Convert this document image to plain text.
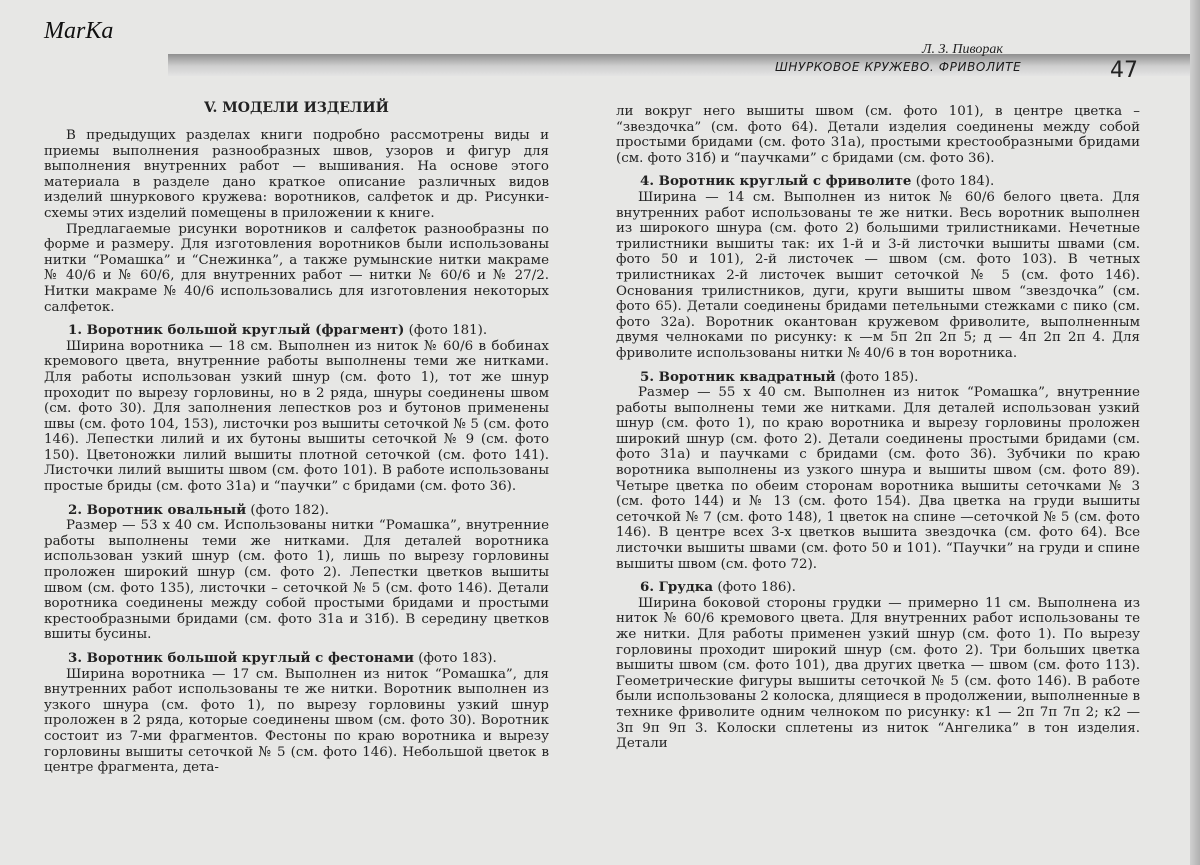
MarKa
Л. З. Пиворак
ШНУРКОВОЕ КРУЖЕВО. ФРИВОЛИТЕ	47
V. МОДЕЛИ ИЗДЕЛИЙ

В предыдущих разделах книги подробно рассмотрены виды и приемы выполнения разнообразных швов, узоров и фигур для выполнения внутренних работ — вышивания. На основе этого материала в разделе дано краткое описание различных видов изделий шнуркового кружева: воротников, салфеток и др. Рисунки-схемы этих изделий помещены в приложении к книге.

Предлагаемые рисунки воротников и салфеток разнообразны по форме и размеру. Для изготовления воротников были использованы нитки “Ромашка” и “Снежинка”, а также румынские нитки макраме № 40/6 и № 60/6, для внутренних работ — нитки № 60/6 и № 27/2. Нитки макраме № 40/6 использовались для изготовления некоторых салфеток.

1. Воротник большой круглый (фрагмент) (фото 181).

Ширина воротника — 18 см. Выполнен из ниток № 60/6 в бобинах кремового цвета, внутренние работы выполнены теми же нитками. Для работы использован узкий шнур (см. фото 1), тот же шнур проходит по вырезу горловины, но в 2 ряда, шнуры соединены швом (см. фото 30). Для заполнения лепестков роз и бутонов применены швы (см. фото 104, 153), листочки роз вышиты сеточкой № 5 (см. фото 146). Лепестки лилий и их бутоны вышиты сеточкой № 9 (см. фото 150). Цветоножки лилий вышиты плотной сеточкой (см. фото 141). Листочки лилий вышиты швом (см. фото 101). В работе использованы простые бриды (см. фото 31а) и “паучки” с бридами (см. фото 36).

2. Воротник овальный (фото 182).

Размер — 53 х 40 см. Использованы нитки “Ромашка”, внутренние работы выполнены теми же нитками. Для деталей воротника использован узкий шнур (см. фото 1), лишь по вырезу горловины проложен широкий шнур (см. фото 2). Лепестки цветков вышиты швом (см. фото 135), листочки – сеточкой № 5 (см. фото 146). Детали воротника соединены между собой простыми бридами и простыми крестообразными бридами (см. фото 31а и 31б). В середину цветков вшиты бусины.

3. Воротник большой круглый с фестонами (фото 183).

Ширина воротника — 17 см. Выполнен из ниток “Ромашка”, для внутренних работ использованы те же нитки. Воротник выполнен из узкого шнура (см. фото 1), по вырезу горловины узкий шнур проложен в 2 ряда, которые соединены швом (см. фото 30). Воротник состоит из 7-ми фрагментов. Фестоны по краю воротника и вырезу горловины вышиты сеточкой № 5 (см. фото 146). Небольшой цветок в центре фрагмента, дета-

ли вокруг него вышиты швом (см. фото 101), в центре цветка – “звездочка” (см. фото 64). Детали изделия соединены между собой простыми бридами (см. фото 31а), простыми крестообразными бридами (см. фото 31б) и “паучками” с бридами (см. фото 36).

4. Воротник круглый с фриволите (фото 184).

Ширина — 14 см. Выполнен из ниток № 60/6 белого цвета. Для внутренних работ использованы те же нитки. Весь воротник выполнен из широкого шнура (см. фото 2) большими трилистниками. Нечетные трилистники вышиты так: их 1-й и 3-й листочки вышиты швами (см. фото 50 и 101), 2-й листочек — швом (см. фото 103). В четных трилистниках 2-й листочек вышит сеточкой № 5 (см. фото 146). Основания трилистников, дуги, круги вышиты швом “звездочка” (см. фото 65). Детали соединены бридами петельными стежками с пико (см. фото 32а). Воротник окантован кружевом фриволите, выполненным двумя челноками по рисунку: к —м 5п 2п 2п 5; д — 4п 2п 2п 4. Для фриволите использованы нитки № 40/6 в тон воротника.

5. Воротник квадратный (фото 185).

Размер — 55 х 40 см. Выполнен из ниток “Ромашка”, внутренние работы выполнены теми же нитками. Для деталей использован узкий шнур (см. фото 1), по краю воротника и вырезу горловины проложен широкий шнур (см. фото 2). Детали соединены простыми бридами (см. фото 31а) и паучками с бридами (см. фото 36). Зубчики по краю воротника выполнены из узкого шнура и вышиты швом (см. фото 89). Четыре цветка по обеим сторонам воротника вышиты сеточками № 3 (см. фото 144) и № 13 (см. фото 154). Два цветка на груди вышиты сеточкой № 7 (см. фото 148), 1 цветок на спине —сеточкой № 5 (см. фото 146). В центре всех 3-х цветков вышита звездочка (см. фото 64). Все листочки вышиты швами (см. фото 50 и 101). “Паучки” на груди и спине вышиты швом (см. фото 72).

6. Грудка (фото 186).

Ширина боковой стороны грудки — примерно 11 см. Выполнена из ниток № 60/6 кремового цвета. Для внутренних работ использованы те же нитки. Для работы применен узкий шнур (см. фото 1). По вырезу горловины проходит широкий шнур (см. фото 2). Три больших цветка вышиты швом (см. фото 101), два других цветка — швом (см. фото 113). Геометрические фигуры вышиты сеточкой № 5 (см. фото 146). В работе были использованы 2 колоска, длящиеся в продолжении, выполненные в технике фриволите одним челноком по рисунку: к1 — 2п 7п 7п 2; к2 — 3п 9п 9п 3. Колоски сплетены из ниток “Ангелика” в тон изделия. Детали
